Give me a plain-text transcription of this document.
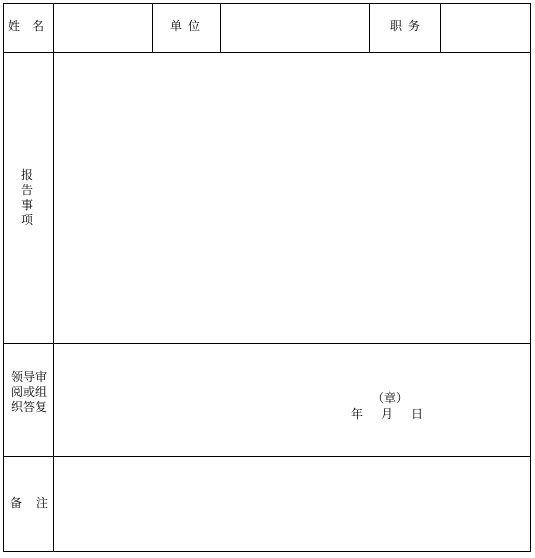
姓名	单位	职务
报告事项
领导审阅或组织答复
备注
（章）
年 月 日
